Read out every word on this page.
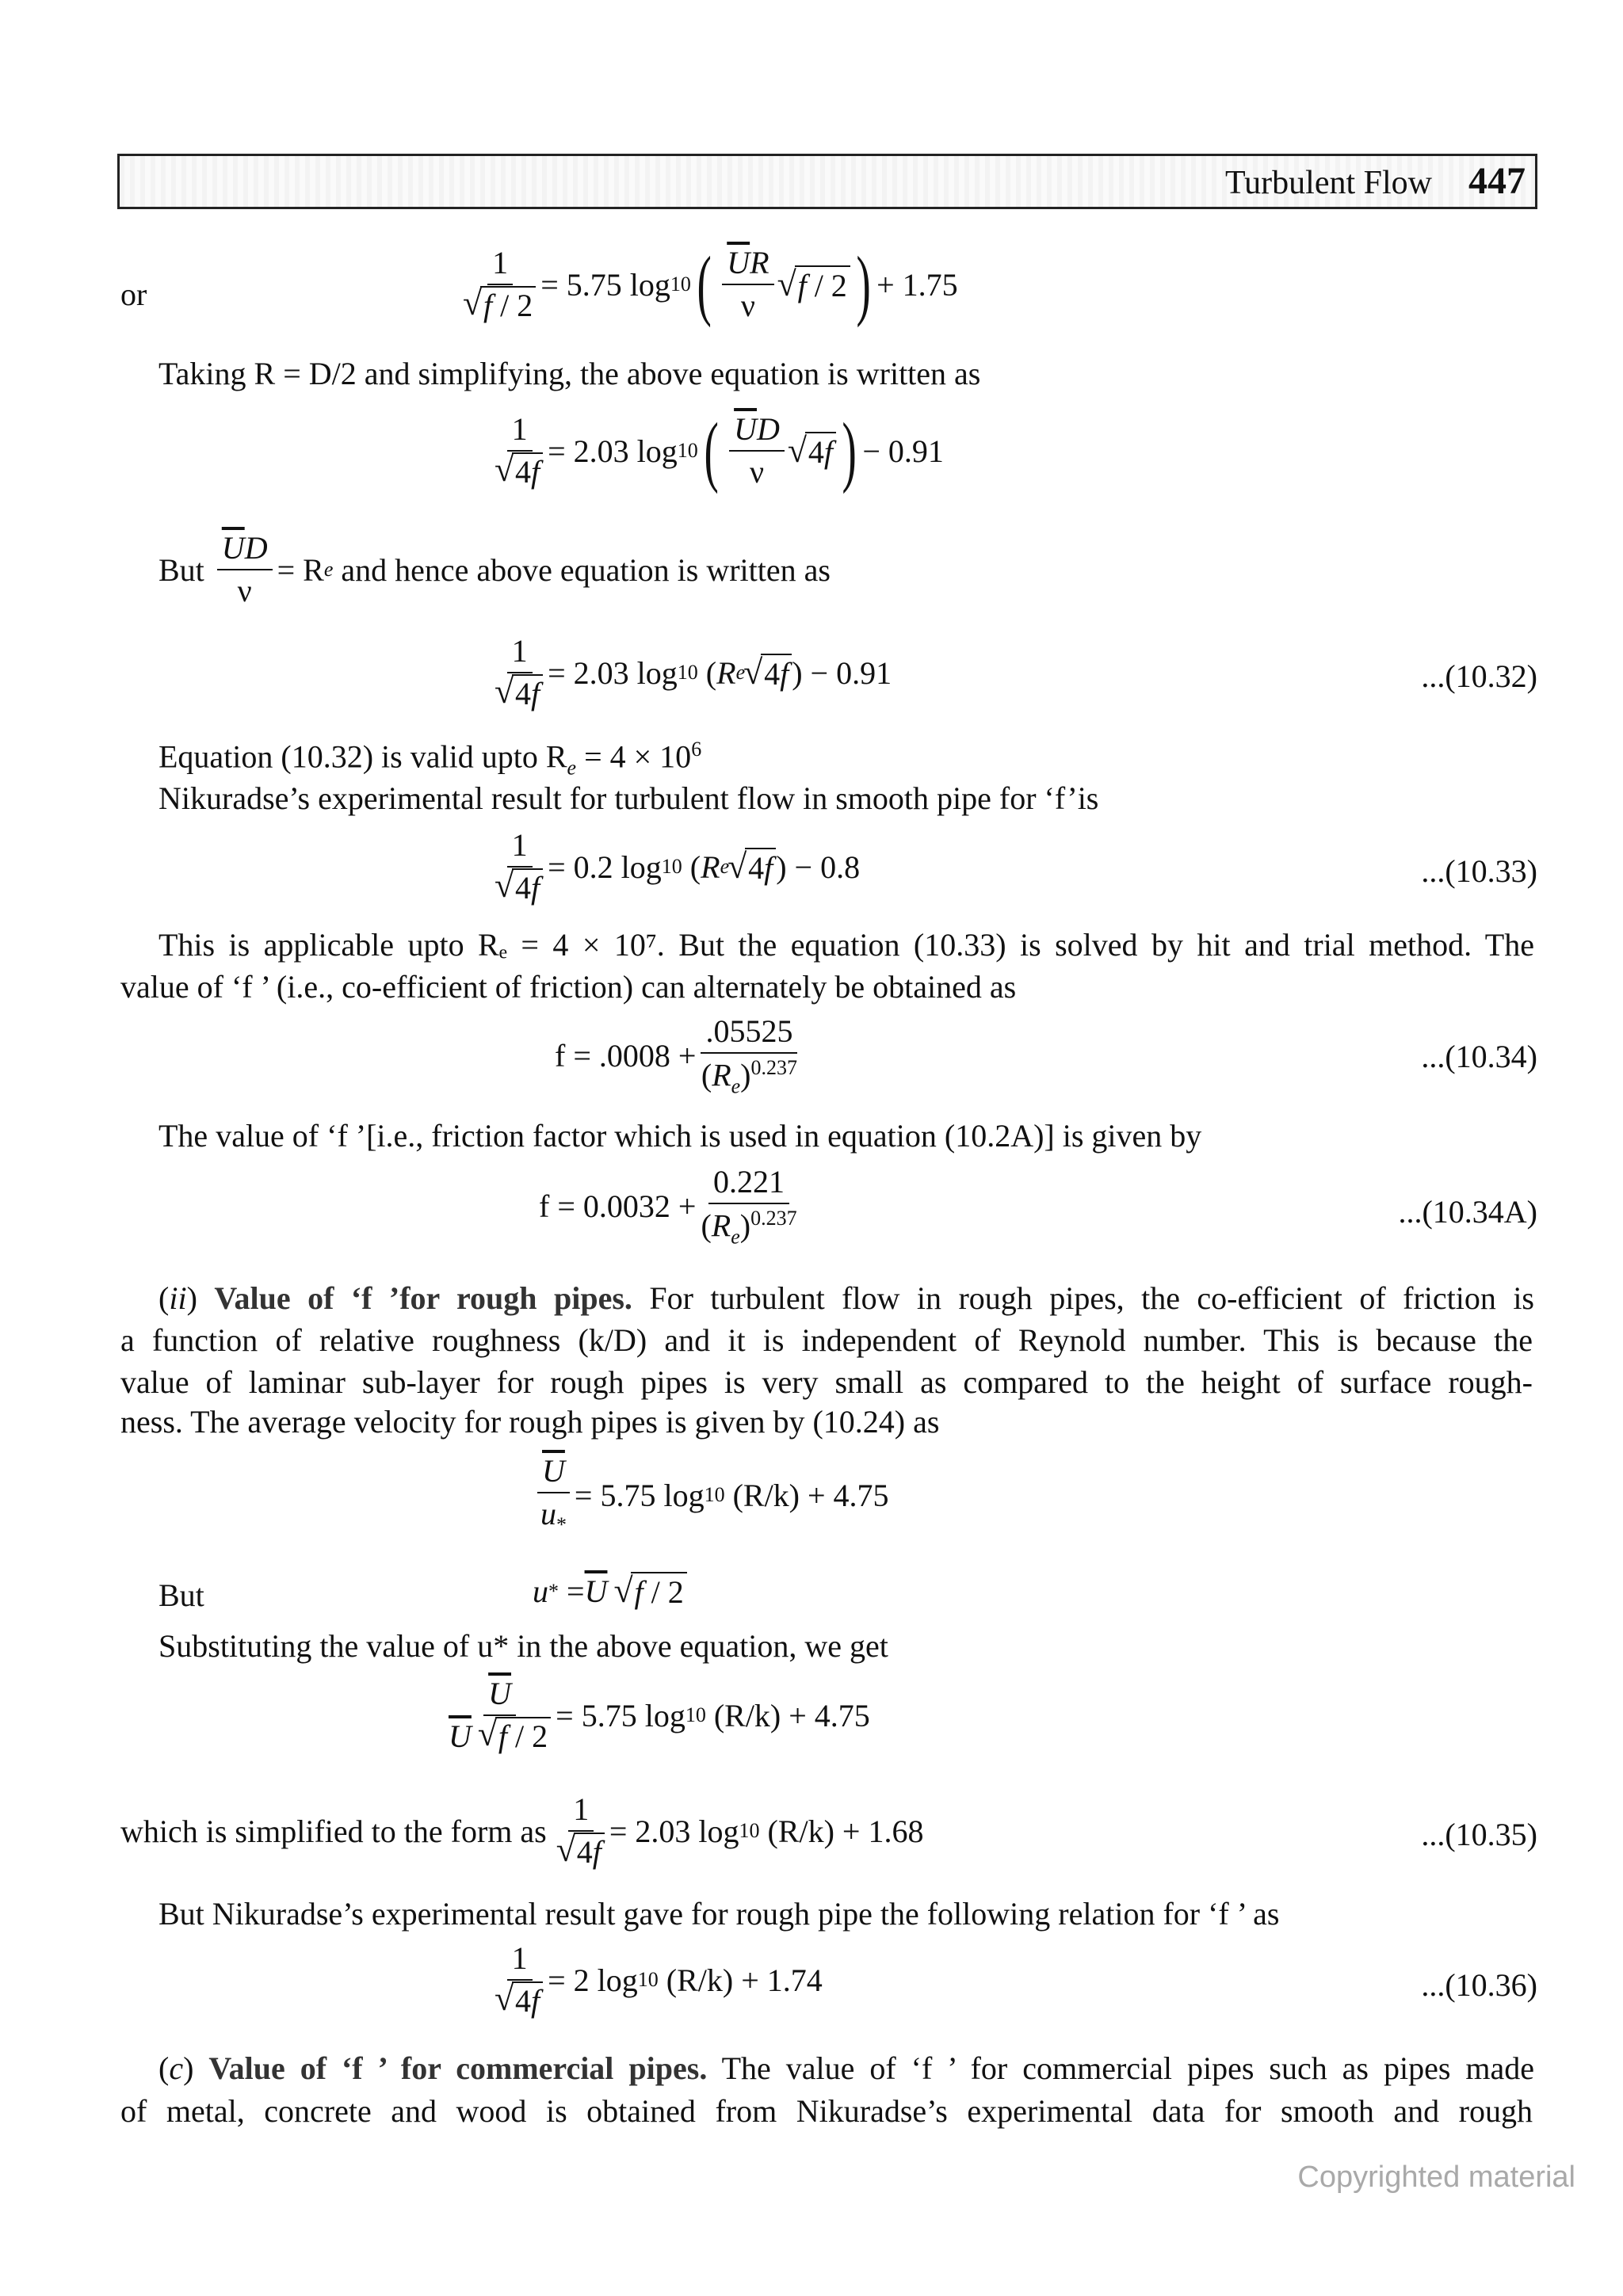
Turbulent Flow 447
or	1
√ f / 2 = 5.75 log 10 ( $\frac{\overline{U}R}{\nu}$ √ f / 2 ) + 1.75
Taking R = D/2 and simplifying, the above equation is written as
1
√ 4f = 2.03 log 10 ( $\frac{\overline{U}D}{\nu}$ √ 4f ) − 0.91
But $\frac{\overline{U}D}{\nu} = R$ e
and hence above equation is written as
1
√ 4f = 2.03 log 10 ( R e √ 4f ) − 0.91	...(10.32)
Equation (10.32) is valid upto $R_e = 4 \times 10^6$
Nikuradse’s experimental result for turbulent flow in smooth pipe for ‘f’is
1
√ 4f = 0.2 log 10 ( R e √ 4f ) − 0.8	...(10.33)
This is applicable upto Rₑ = 4 × 10⁷. But the equation (10.33) is solved by hit and trial method. The
value of ‘f ’ (i.e., co-efficient of friction) can alternately be obtained as
$f = .0008 + \frac{.05525}{(R_e)^{0.237}}$	...(10.34)
The value of ‘f ’[i.e., friction factor which is used in equation (10.2A)] is given by
$f = 0.0032 + \frac{0.221}{(R_e)^{0.237}}$	...(10.34A)
(ii) Value of ‘f ’for rough pipes. For turbulent flow in rough pipes, the co-efficient of friction is
a function of relative roughness (k/D) and it is independent of Reynold number. This is because the
value of laminar sub-layer for rough pipes is very small as compared to the height of surface rough-
ness. The average velocity for rough pipes is given by (10.24) as
$\frac{\overline{U}}{u_*} = 5.75$ log 10
(R/k) + 4.75
But	u * = $\overline{U}$
√ f / 2
Substituting the value of u* in the above equation, we get
$\frac{\overline{U}}{\overline{U} √ f / 2} = 5.75$ log 10
(R/k) + 4.75
which is simplified to the form as 1
√ 4f = 2.03 log 10
(R/k) + 1.68	...(10.35)
But Nikuradse’s experimental result gave for rough pipe the following relation for ‘f ’ as
1
√ 4f = 2 log 10
(R/k) + 1.74	...(10.36)
(c) Value of ‘f ’ for commercial pipes. The value of ‘f ’ for commercial pipes such as pipes made
of metal, concrete and wood is obtained from Nikuradse’s experimental data for smooth and rough
Copyrighted material
